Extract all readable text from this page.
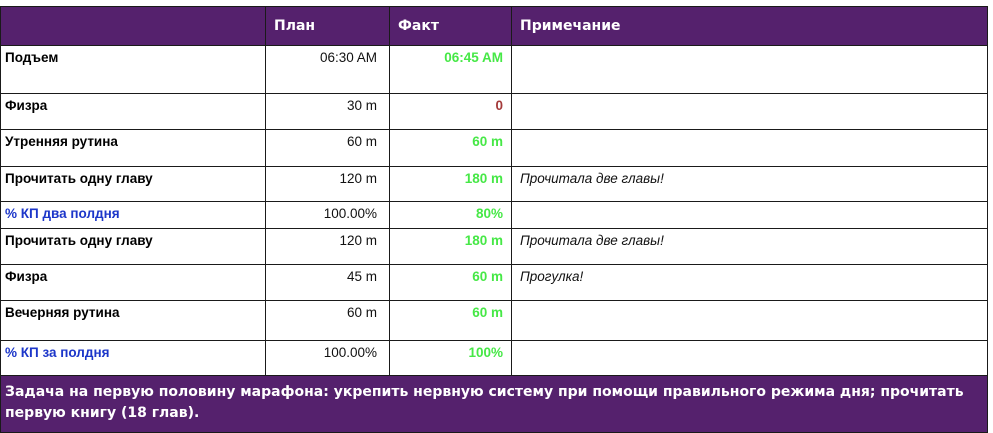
	План	Факт	Примечание
Подъем	06:30 AM	06:45 AM	
Физра	30 m	0	
Утренняя рутина	60 m	60 m	
Прочитать одну главу	120 m	180 m	Прочитала две главы!
% КП два полдня	100.00%	80%	
Прочитать одну главу	120 m	180 m	Прочитала две главы!
Физра	45 m	60 m	Прогулка!
Вечерняя рутина	60 m	60 m	
% КП за полдня	100.00%	100%	
Задача на первую половину марафона: укрепить нервную систему при помощи правильного режима дня; прочитать первую книгу (18 глав).			
